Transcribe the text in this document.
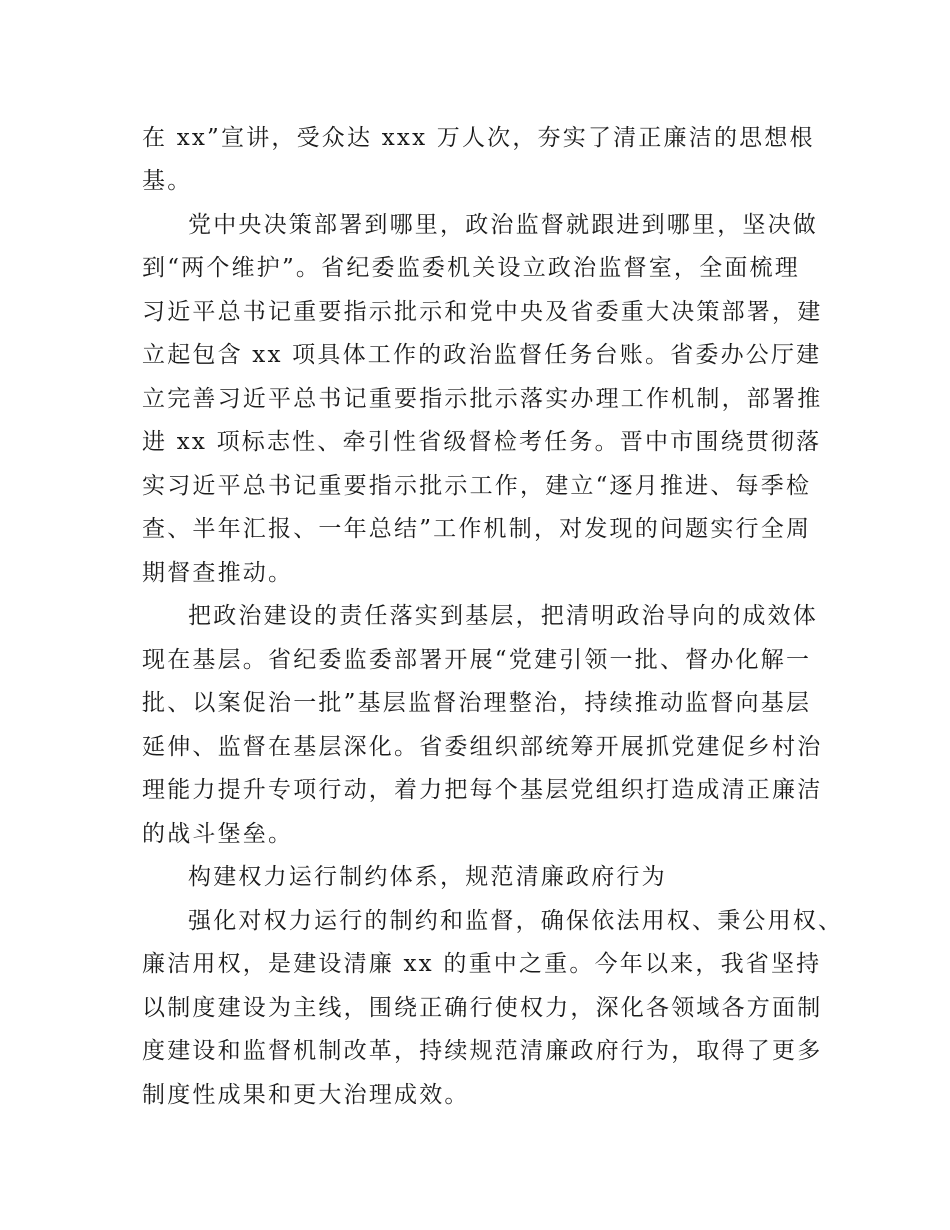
在 xx”宣讲，受众达 xxx 万人次，夯实了清正廉洁的思想根
基。
党中央决策部署到哪里，政治监督就跟进到哪里，坚决做
到“两个维护”。省纪委监委机关设立政治监督室，全面梳理
习近平总书记重要指示批示和党中央及省委重大决策部署，建
立起包含 xx 项具体工作的政治监督任务台账。省委办公厅建
立完善习近平总书记重要指示批示落实办理工作机制，部署推
进 xx 项标志性、牵引性省级督检考任务。晋中市围绕贯彻落
实习近平总书记重要指示批示工作，建立“逐月推进、每季检
查、半年汇报、一年总结”工作机制，对发现的问题实行全周
期督查推动。
把政治建设的责任落实到基层，把清明政治导向的成效体
现在基层。省纪委监委部署开展“党建引领一批、督办化解一
批、以案促治一批”基层监督治理整治，持续推动监督向基层
延伸、监督在基层深化。省委组织部统筹开展抓党建促乡村治
理能力提升专项行动，着力把每个基层党组织打造成清正廉洁
的战斗堡垒。
构建权力运行制约体系，规范清廉政府行为
强化对权力运行的制约和监督，确保依法用权、秉公用权、
廉洁用权，是建设清廉 xx 的重中之重。今年以来，我省坚持
以制度建设为主线，围绕正确行使权力，深化各领域各方面制
度建设和监督机制改革，持续规范清廉政府行为，取得了更多
制度性成果和更大治理成效。
